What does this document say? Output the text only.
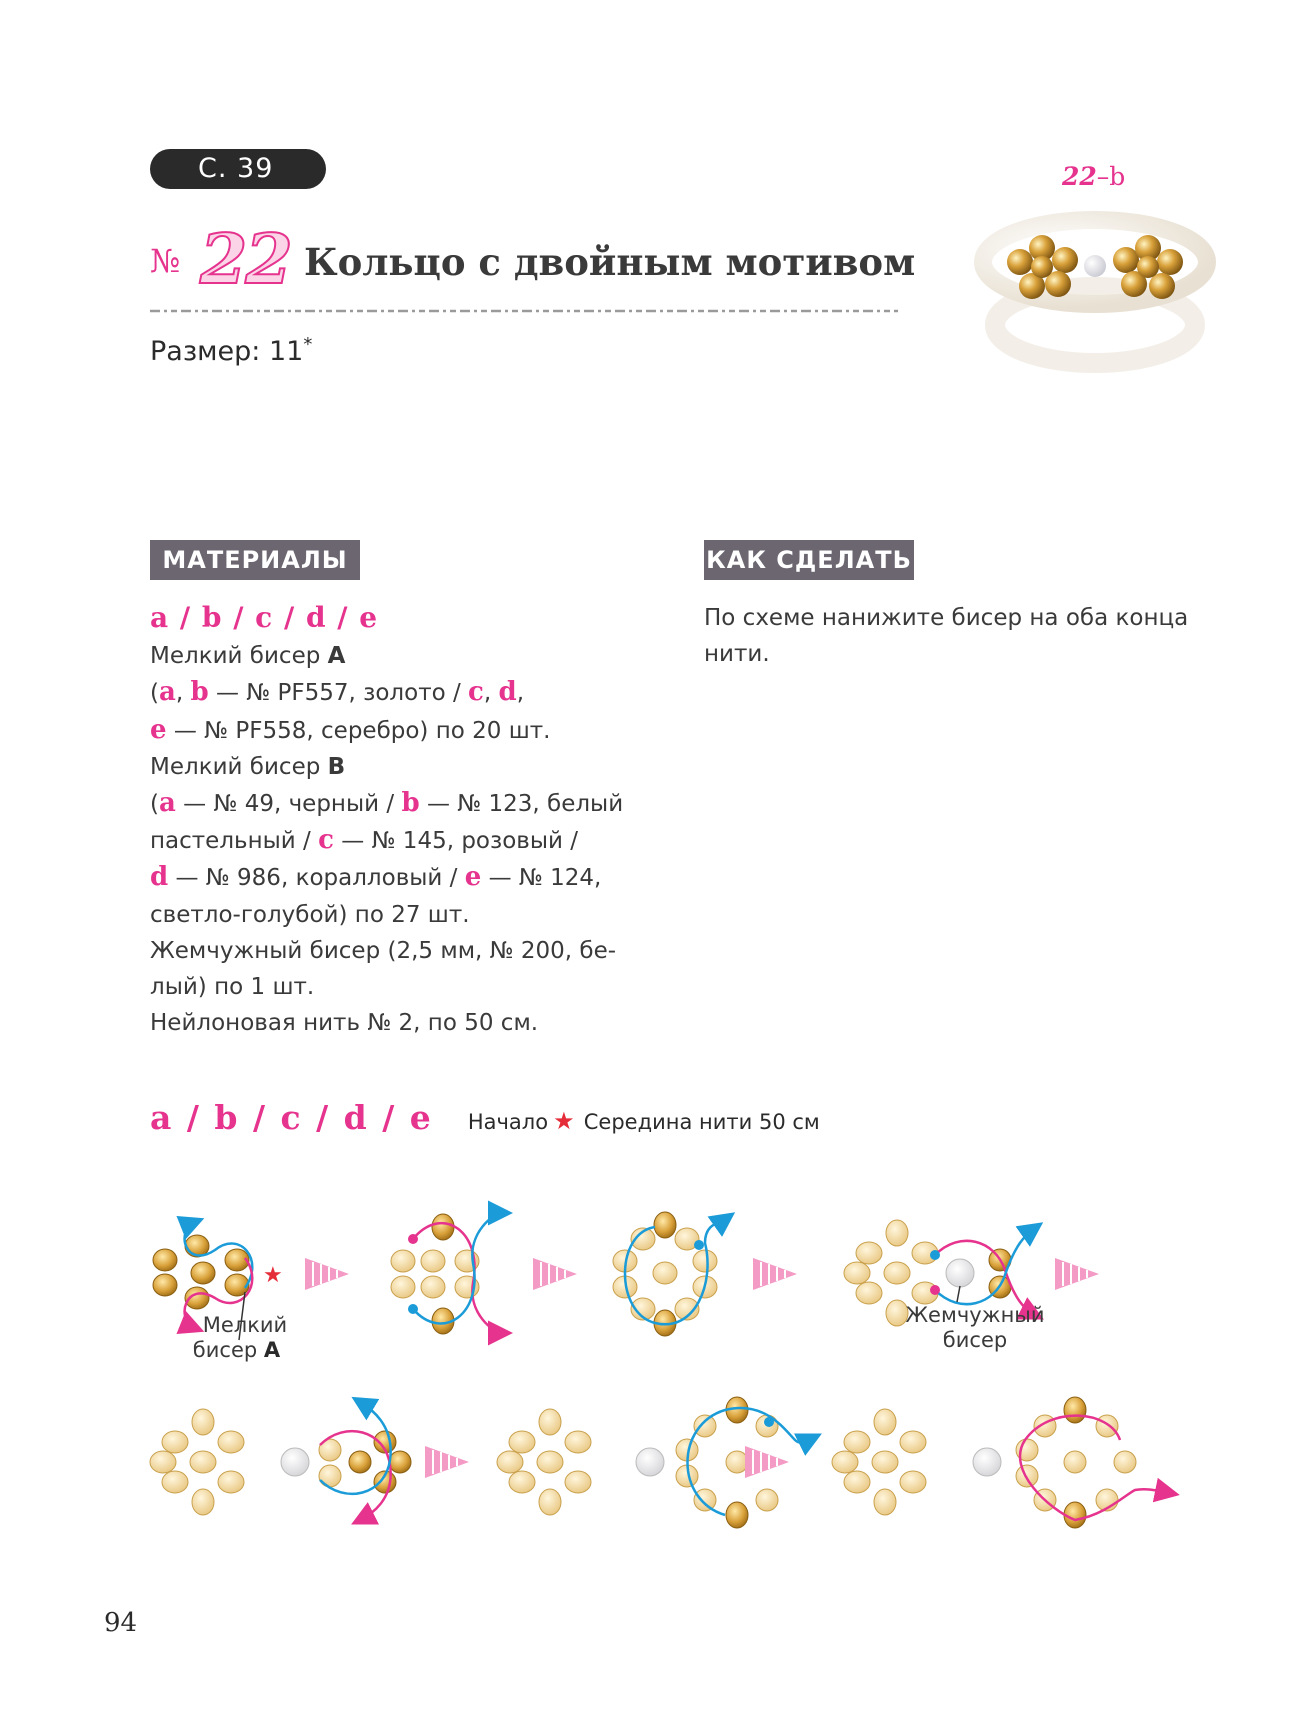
С. 39
№ 22 Кольцо с двойным мотивом
Размер: 11*
22–b
МАТЕРИАЛЫ	КАК СДЕЛАТЬ
a / b / c / d / e
Мелкий бисер A
(a, b — № PF557, золото / c, d,
e — № PF558, серебро) по 20 шт.
Мелкий бисер B
(a — № 49, черный / b — № 123, белый
пастельный / c — № 145, розовый /
d — № 986, коралловый / e — № 124,
светло-голубой) по 27 шт.
Жемчужный бисер (2,5 мм, № 200, бе-
лый) по 1 шт.
Нейлоновая нить № 2, по 50 см.
По схеме нанижите бисер на оба конца нити.
a / b / c / d / e Начало ★ Середина нити 50 см
★
Мелкий
бисер A
Жемчужный
бисер
94
